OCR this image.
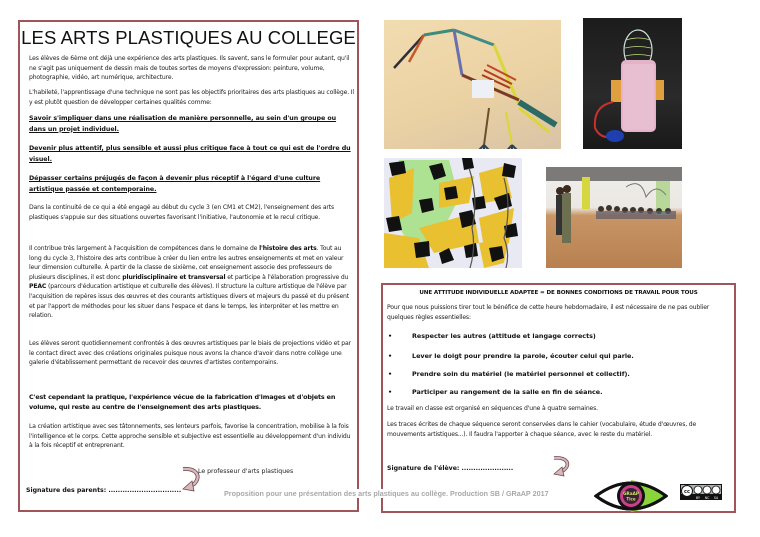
LES ARTS PLASTIQUES AU COLLEGE
Les élèves de 6ème ont déjà une expérience des arts plastiques. Ils savent, sans le formuler pour autant, qu'il ne s'agit pas uniquement de dessin mais de toutes sortes de moyens d'expression: peinture, volume, photographie, vidéo, art numérique, architecture.
L'habileté, l'apprentissage d'une technique ne sont pas les objectifs prioritaires des arts plastiques au collège. Il y est plutôt question de développer certaines qualités comme:
Savoir s'impliquer dans une réalisation de manière personnelle, au sein d'un groupe ou dans un projet individuel.
Devenir plus attentif, plus sensible et aussi plus critique face à tout ce qui est de l'ordre du visuel.
Dépasser certains préjugés de façon à devenir plus réceptif à l'égard d'une culture artistique passée et contemporaine.
Dans la continuité de ce qui a été engagé au début du cycle 3 (en CM1 et CM2), l'enseignement des arts plastiques s'appuie sur des situations ouvertes favorisant l'initiative, l'autonomie et le recul critique.
Il contribue très largement à l'acquisition de compétences dans le domaine de l'histoire des arts. Tout au long du cycle 3, l'histoire des arts contribue à créer du lien entre les autres enseignements et met en valeur leur dimension culturelle. À partir de la classe de sixième, cet enseignement associe des professeurs de plusieurs disciplines, il est donc pluridisciplinaire et transversal et participe à l'élaboration progressive du PEAC (parcours d'éducation artistique et culturelle des élèves). Il structure la culture artistique de l'élève par l'acquisition de repères issus des œuvres et des courants artistiques divers et majeurs du passé et du présent et par l'apport de méthodes pour les situer dans l'espace et dans le temps, les interpréter et les mettre en relation.
Les élèves seront quotidiennement confrontés à des œuvres artistiques par le biais de projections vidéo et par le contact direct avec des créations originales puisque nous avons la chance d'avoir dans notre collège une galerie d'établissement permettant de recevoir des œuvres d'artistes contemporains.
C'est cependant la pratique, l'expérience vécue de la fabrication d'images et d'objets en volume, qui reste au centre de l'enseignement des arts plastiques.
La création artistique avec ses tâtonnements, ses lenteurs parfois, favorise la concentration, mobilise à la fois l'intelligence et le corps. Cette approche sensible et subjective est essentielle au développement d'un individu à la fois réceptif et entreprenant.
Le professeur d'arts plastiques
Signature des parents: ...............................
UNE ATTITUDE INDIVIDUELLE ADAPTEE = DE BONNES CONDITIONS DE TRAVAIL POUR TOUS
Pour que nous puissions tirer tout le bénéfice de cette heure hebdomadaire, il est nécessaire de ne pas oublier quelques règles essentielles:
•	Respecter les autres (attitude et langage corrects)
•	Lever le doigt pour prendre la parole, écouter celui qui parle.
•	Prendre soin du matériel (le matériel personnel et collectif).
•	Participer au rangement de la salle en fin de séance.
Le travail en classe est organisé en séquences d'une à quatre semaines.
Les traces écrites de chaque séquence seront conservées dans le cahier (vocabulaire, étude d'œuvres, de mouvements artistiques...). Il faudra l'apporter à chaque séance, avec le reste du matériel.
Signature de l'élève: ......................
Proposition pour une présentation des arts plastiques au collège. Production SB / GRaAP 2017	GRaAP
Tice
cc
BY NC SA
